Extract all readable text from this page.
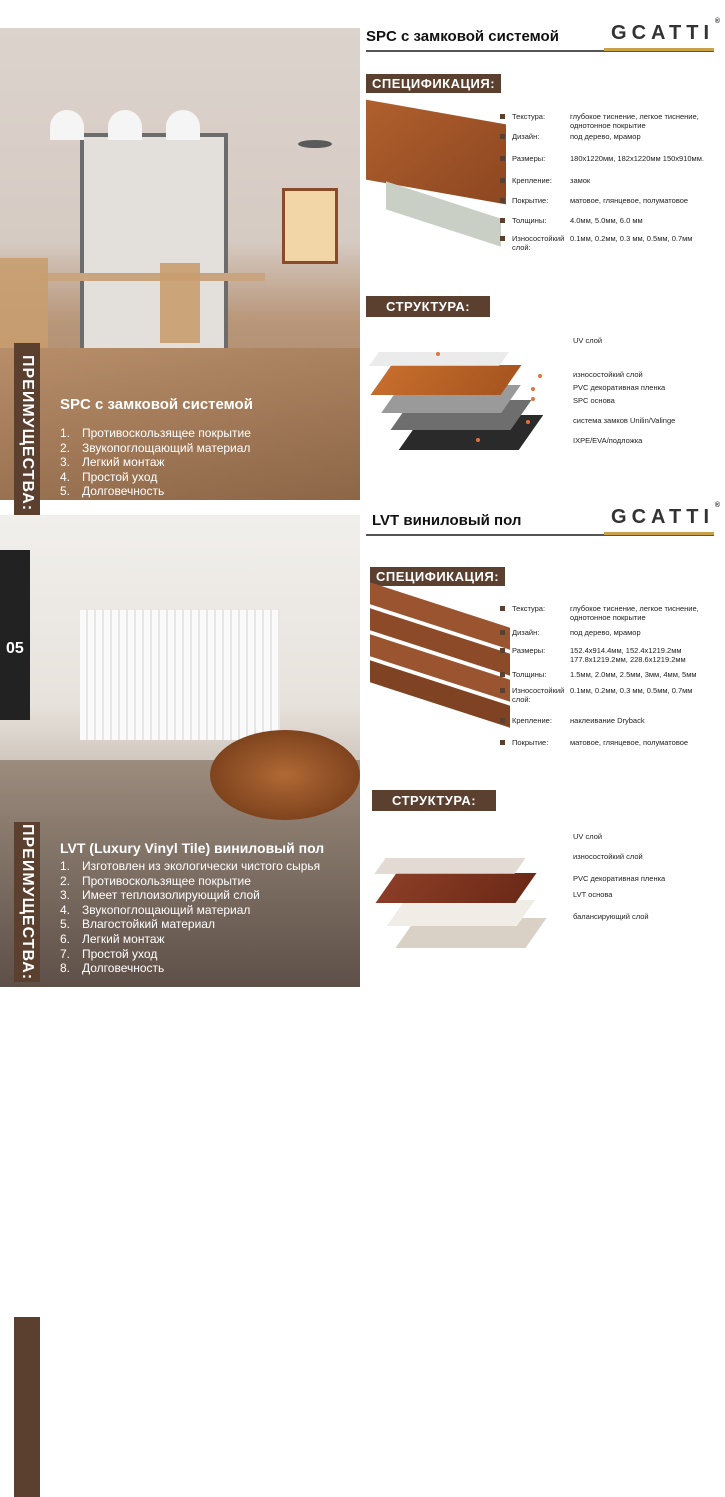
ПРЕИМУЩЕСТВА: SPC с замковой системой
1. Противоскользящее покрытие
2. Звукопоглощающий материал
3. Легкий монтаж
4. Простой уход
5. Долговечность
6. Влагостойкий материал
SPC с замковой системой	GCATTI
®
СПЕЦИФИКАЦИЯ:
Текстура:	глубокое тиснение, легкое тиснение, однотонное покрытие
Дизайн:	под дерево, мрамор
Размеры:	180x1220мм, 182x1220мм 150x910мм.
Крепление:	замок
Покрытие:	матовое, глянцевое, полуматовое
Толщины:	4.0мм, 5.0мм, 6.0 мм
Износостойкий слой:
0.1мм, 0.2мм, 0.3 мм, 0.5мм, 0.7мм
СТРУКТУРА:
UV слой
износостойкий слой
PVC декоративная пленка
SPC основа
система замков Unilin/Valinge
IXPE/EVA/подложка
05
ПРЕИМУЩЕСТВА: LVT (Luxury Vinyl Tile) виниловый пол
1. Изготовлен из экологически чистого сырья
2. Противоскользящее покрытие
3. Имеет теплоизолирующий слой
4. Звукопоглощающий материал
5. Влагостойкий материал
6. Легкий монтаж
7. Простой уход
8. Долговечность
LVT виниловый пол	GCATTI
®
СПЕЦИФИКАЦИЯ:
Текстура:	глубокое тиснение, легкое тиснение, однотонное покрытие
Дизайн:	под дерево, мрамор
Размеры:	152.4x914.4мм, 152.4x1219.2мм 177.8x1219.2мм, 228.6x1219.2мм
Толщины:	1.5мм, 2.0мм, 2.5мм, 3мм, 4мм, 5мм
Износостойкий слой:
0.1мм, 0.2мм, 0.3 мм, 0.5мм, 0.7мм
Крепление:	наклеивание Dryback
Покрытие:	матовое, глянцевое, полуматовое
СТРУКТУРА:
UV слой
износостойкий слой
PVC декоративная пленка
LVT основа
балансирующий слой
